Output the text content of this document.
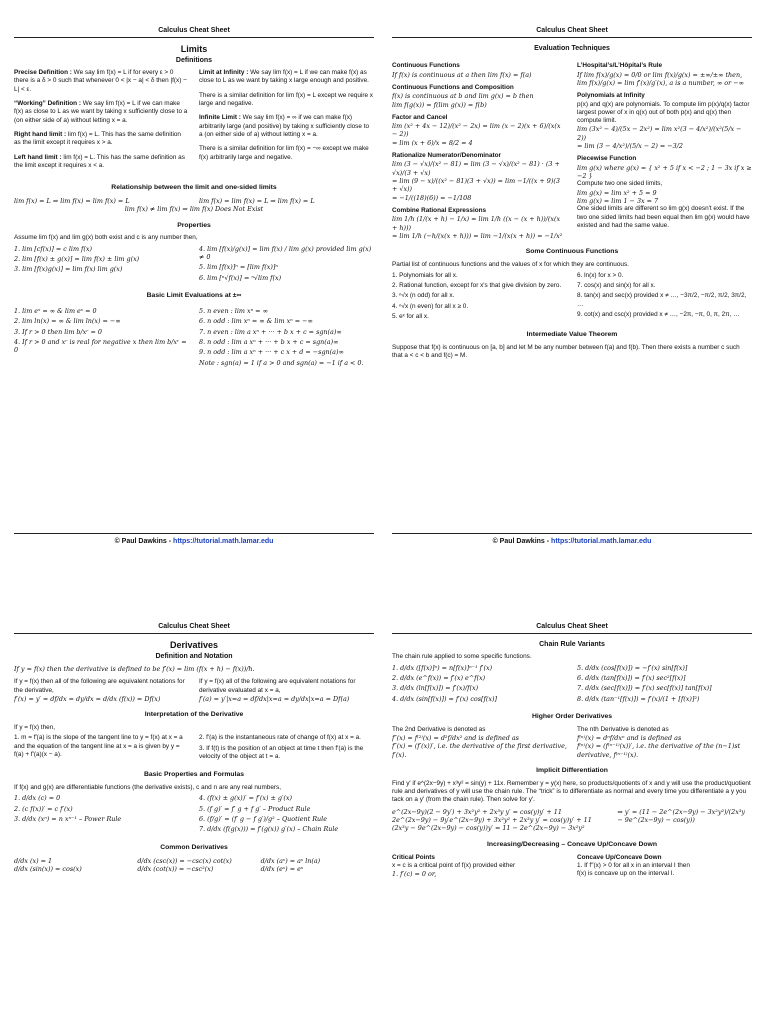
Calculus Cheat Sheet
Limits
Definitions
Precise Definition : We say lim f(x) = L if for every ε > 0 there is a δ > 0 such that whenever 0 < |x − a| < δ then |f(x) − L| < ε.
“Working” Definition : We say lim f(x) = L if we can make f(x) as close to L as we want by taking x sufficiently close to a (on either side of a) without letting x = a.
Right hand limit : lim f(x) = L. This has the same definition as the limit except it requires x > a.
Left hand limit : lim f(x) = L. This has the same definition as the limit except it requires x < a.
Limit at Infinity : We say lim f(x) = L if we can make f(x) as close to L as we want by taking x large enough and positive.
There is a similar definition for lim f(x) = L except we require x large and negative.
Infinite Limit : We say lim f(x) = ∞ if we can make f(x) arbitrarily large (and positive) by taking x sufficiently close to a (on either side of a) without letting x = a.
There is a similar definition for lim f(x) = −∞ except we make f(x) arbitrarily large and negative.
Relationship between the limit and one-sided limits
lim f(x) = L ⇒ lim f(x) = lim f(x) = L	lim f(x) = lim f(x) = L ⇒ lim f(x) = L
lim f(x) ≠ lim f(x) ⇒ lim f(x) Does Not Exist
Properties
Assume lim f(x) and lim g(x) both exist and c is any number then,
1. lim [cf(x)] = c lim f(x)
2. lim [f(x) ± g(x)] = lim f(x) ± lim g(x)
3. lim [f(x)g(x)] = lim f(x) lim g(x)
4. lim [f(x)/g(x)] = lim f(x) / lim g(x) provided lim g(x) ≠ 0
5. lim [f(x)]ⁿ = [lim f(x)]ⁿ
6. lim [ⁿ√f(x)] = ⁿ√lim f(x)
Basic Limit Evaluations at ±∞
1. lim eˣ = ∞ & lim eˣ = 0
2. lim ln(x) = ∞ & lim ln(x) = −∞
3. If r > 0 then lim b/xʳ = 0
4. If r > 0 and xʳ is real for negative x then lim b/xʳ = 0
5. n even : lim xⁿ = ∞
6. n odd : lim xⁿ = ∞ & lim xⁿ = −∞
7. n even : lim a xⁿ + ··· + b x + c = sgn(a)∞
8. n odd : lim a xⁿ + ··· + b x + c = sgn(a)∞
9. n odd : lim a xⁿ + ··· + c x + d = −sgn(a)∞
Note : sgn(a) = 1 if a > 0 and sgn(a) = −1 if a < 0.
© Paul Dawkins - https://tutorial.math.lamar.edu
Calculus Cheat Sheet
Evaluation Techniques
Continuous Functions
If f(x) is continuous at a then lim f(x) = f(a)
Continuous Functions and Composition
f(x) is continuous at b and lim g(x) = b then
lim f(g(x)) = f(lim g(x)) = f(b)
Factor and Cancel
lim (x² + 4x − 12)/(x² − 2x) = lim (x − 2)(x + 6)/(x(x − 2))
= lim (x + 6)/x = 8/2 = 4
Rationalize Numerator/Denominator
lim (3 − √x)/(x² − 81) = lim (3 − √x)/(x² − 81) · (3 + √x)/(3 + √x)
= lim (9 − x)/((x² − 81)(3 + √x)) = lim −1/((x + 9)(3 + √x))
= −1/((18)(6)) = −1/108
Combine Rational Expressions
lim 1/h (1/(x + h) − 1/x) = lim 1/h ((x − (x + h))/(x(x + h)))
= lim 1/h (−h/(x(x + h))) = lim −1/(x(x + h)) = −1/x²
L’Hospital’s/L’Hôpital’s Rule
If lim f(x)/g(x) = 0/0 or lim f(x)/g(x) = ±∞/±∞ then,
lim f(x)/g(x) = lim f′(x)/g′(x), a is a number, ∞ or −∞
Polynomials at Infinity
p(x) and q(x) are polynomials. To compute lim p(x)/q(x) factor largest power of x in q(x) out of both p(x) and q(x) then compute limit.
lim (3x² − 4)/(5x − 2x²) = lim x²(3 − 4/x²)/(x²(5/x − 2))
= lim (3 − 4/x²)/(5/x − 2) = −3/2
Piecewise Function
lim g(x) where g(x) = { x² + 5 if x < −2 ; 1 − 3x if x ≥ −2 }
Compute two one sided limits,
lim g(x) = lim x² + 5 = 9
lim g(x) = lim 1 − 3x = 7
One sided limits are different so lim g(x) doesn't exist. If the two one sided limits had been equal then lim g(x) would have existed and had the same value.
Some Continuous Functions
Partial list of continuous functions and the values of x for which they are continuous.
1. Polynomials for all x.
2. Rational function, except for x's that give division by zero.
3. ⁿ√x (n odd) for all x.
4. ⁿ√x (n even) for all x ≥ 0.
5. eˣ for all x.
6. ln(x) for x > 0.
7. cos(x) and sin(x) for all x.
8. tan(x) and sec(x) provided x ≠ …, −3π/2, −π/2, π/2, 3π/2, …
9. cot(x) and csc(x) provided x ≠ …, −2π, −π, 0, π, 2π, …
Intermediate Value Theorem
Suppose that f(x) is continuous on [a, b] and let M be any number between f(a) and f(b). Then there exists a number c such that a < c < b and f(c) = M.
© Paul Dawkins - https://tutorial.math.lamar.edu
Calculus Cheat Sheet
Derivatives
Definition and Notation
If y = f(x) then the derivative is defined to be f′(x) = lim (f(x + h) − f(x))/h.
If y = f(x) then all of the following are equivalent notations for the derivative,
f′(x) = y′ = df/dx = dy/dx = d/dx (f(x)) = Df(x)
If y = f(x) all of the following are equivalent notations for derivative evaluated at x = a,
f′(a) = y′|x=a = df/dx|x=a = dy/dx|x=a = Df(a)
Interpretation of the Derivative
If y = f(x) then,
1. m = f′(a) is the slope of the tangent line to y = f(x) at x = a and the equation of the tangent line at x = a is given by y = f(a) + f′(a)(x − a).
2. f′(a) is the instantaneous rate of change of f(x) at x = a.
3. If f(t) is the position of an object at time t then f′(a) is the velocity of the object at t = a.
Basic Properties and Formulas
If f(x) and g(x) are differentiable functions (the derivative exists), c and n are any real numbers,
1. d/dx (c) = 0
2. (c f(x))′ = c f′(x)
3. d/dx (xⁿ) = n xⁿ⁻¹ – Power Rule
4. (f(x) ± g(x))′ = f′(x) ± g′(x)
5. (f g)′ = f′ g + f g′ – Product Rule
6. (f/g)′ = (f′ g − f g′)/g² – Quotient Rule
7. d/dx (f(g(x))) = f′(g(x)) g′(x) – Chain Rule
Common Derivatives
d/dx (x) = 1	d/dx (csc(x)) = −csc(x) cot(x)	d/dx (aˣ) = aˣ ln(a)
d/dx (sin(x)) = cos(x)	d/dx (cot(x)) = −csc²(x)	d/dx (eˣ) = eˣ
Calculus Cheat Sheet
Chain Rule Variants
The chain rule applied to some specific functions.
1. d/dx ([f(x)]ⁿ) = n[f(x)]ⁿ⁻¹ f′(x)
2. d/dx (e^f(x)) = f′(x) e^f(x)
3. d/dx (ln[f(x)]) = f′(x)/f(x)
4. d/dx (sin[f(x)]) = f′(x) cos[f(x)]
5. d/dx (cos[f(x)]) = −f′(x) sin[f(x)]
6. d/dx (tan[f(x)]) = f′(x) sec²[f(x)]
7. d/dx (sec[f(x)]) = f′(x) sec[f(x)] tan[f(x)]
8. d/dx (tan⁻¹[f(x)]) = f′(x)/(1 + [f(x)]²)
Higher Order Derivatives
The 2nd Derivative is denoted as
f″(x) = f⁽²⁾(x) = d²f/dx² and is defined as
f″(x) = (f′(x))′, i.e. the derivative of the first derivative, f′(x).
The nth Derivative is denoted as
f⁽ⁿ⁾(x) = dⁿf/dxⁿ and is defined as
f⁽ⁿ⁾(x) = (f⁽ⁿ⁻¹⁾(x))′, i.e. the derivative of the (n−1)st derivative, f⁽ⁿ⁻¹⁾(x).
Implicit Differentiation
Find y′ if e^(2x−9y) + x³y² = sin(y) + 11x. Remember y = y(x) here, so products/quotients of x and y will use the product/quotient rule and derivatives of y will use the chain rule. The “trick” is to differentiate as normal and every time you differentiate a y you tack on a y′ (from the chain rule). Then solve for y′.
e^(2x−9y)(2 − 9y′) + 3x²y² + 2x³y y′ = cos(y)y′ + 11
2e^(2x−9y) − 9y′e^(2x−9y) + 3x²y² + 2x³y y′ = cos(y)y′ + 11
(2x³y − 9e^(2x−9y) − cos(y))y′ = 11 − 2e^(2x−9y) − 3x²y²
⇒ y′ = (11 − 2e^(2x−9y) − 3x²y²)/(2x³y − 9e^(2x−9y) − cos(y))
Increasing/Decreasing – Concave Up/Concave Down
Critical Points
x = c is a critical point of f(x) provided either
1. f′(c) = 0 or,
Concave Up/Concave Down
1. If f″(x) > 0 for all x in an interval I then
f(x) is concave up on the interval I.
